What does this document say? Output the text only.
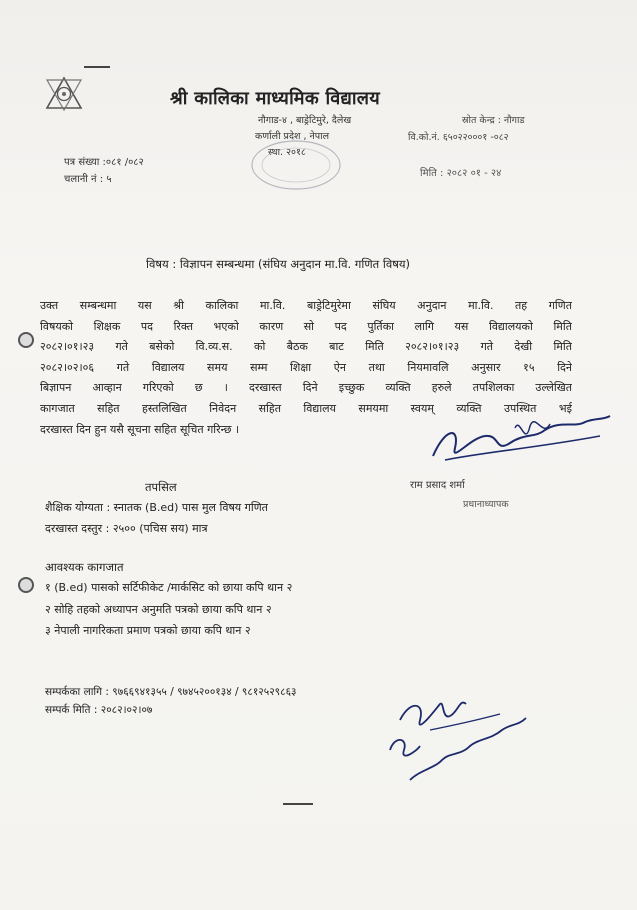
श्री कालिका माध्यमिक विद्यालय
नौगाड-४ , बाड्रेटिमुरे, दैलेख
कर्णाली प्रदेश , नेपाल
स्था. २०१८
स्रोत केन्द्र : नौगाड
वि.को.नं. ६५०२२०००१ -०८२
पत्र संख्या :०८१ /०८२
चलानी नं : ५
मिति : २०८२ ०१ - २४
विषय : विज्ञापन सम्बन्धमा (संघिय अनुदान मा.वि. गणित विषय)
उक्त सम्बन्धमा यस श्री कालिका मा.वि. बाड्रेटिमुरेमा संघिय अनुदान मा.वि. तह गणित
विषयको शिक्षक पद रिक्त भएको कारण सो पद पुर्तिका लागि यस विद्यालयको मिति
२०८२।०१।२३ गते बसेको वि.व्य.स. को बैठक बाट मिति २०८२।०१।२३ गते देखी मिति
२०८२।०२।०६ गते विद्यालय समय सम्म शिक्षा ऐन तथा नियमावलि अनुसार १५ दिने
बिज्ञापन आव्हान गरिएको छ । दरखास्त दिने इच्छुक व्यक्ति हरुले तपशिलका उल्लेखित
कागजात सहित हस्तलिखित निवेदन सहित विद्यालय समयमा स्वयम् व्यक्ति उपस्थित भई
दरखास्त दिन हुन यसै सूचना सहित सूचित गरिन्छ ।
राम प्रसाद शर्मा
प्रधानाध्यापक
तपसिल
शैक्षिक योग्यता : स्नातक (B.ed) पास मुल विषय गणित
दरखास्त दस्तुर : २५०० (पचिस सय) मात्र
आवश्यक कागजात
१ (B.ed) पासको सर्टिफीकेट /मार्कसिट को छाया कपि थान २
२ सोहि तहको अध्यापन अनुमति पत्रको छाया कपि थान २
३ नेपाली नागरिकता प्रमाण पत्रको छाया कपि थान २
सम्पर्कका लागि : ९७६६९४१३५५ / ९७४५२००१३४ / ९८१२५२९८६३
सम्पर्क मिति : २०८२।०२।०७
